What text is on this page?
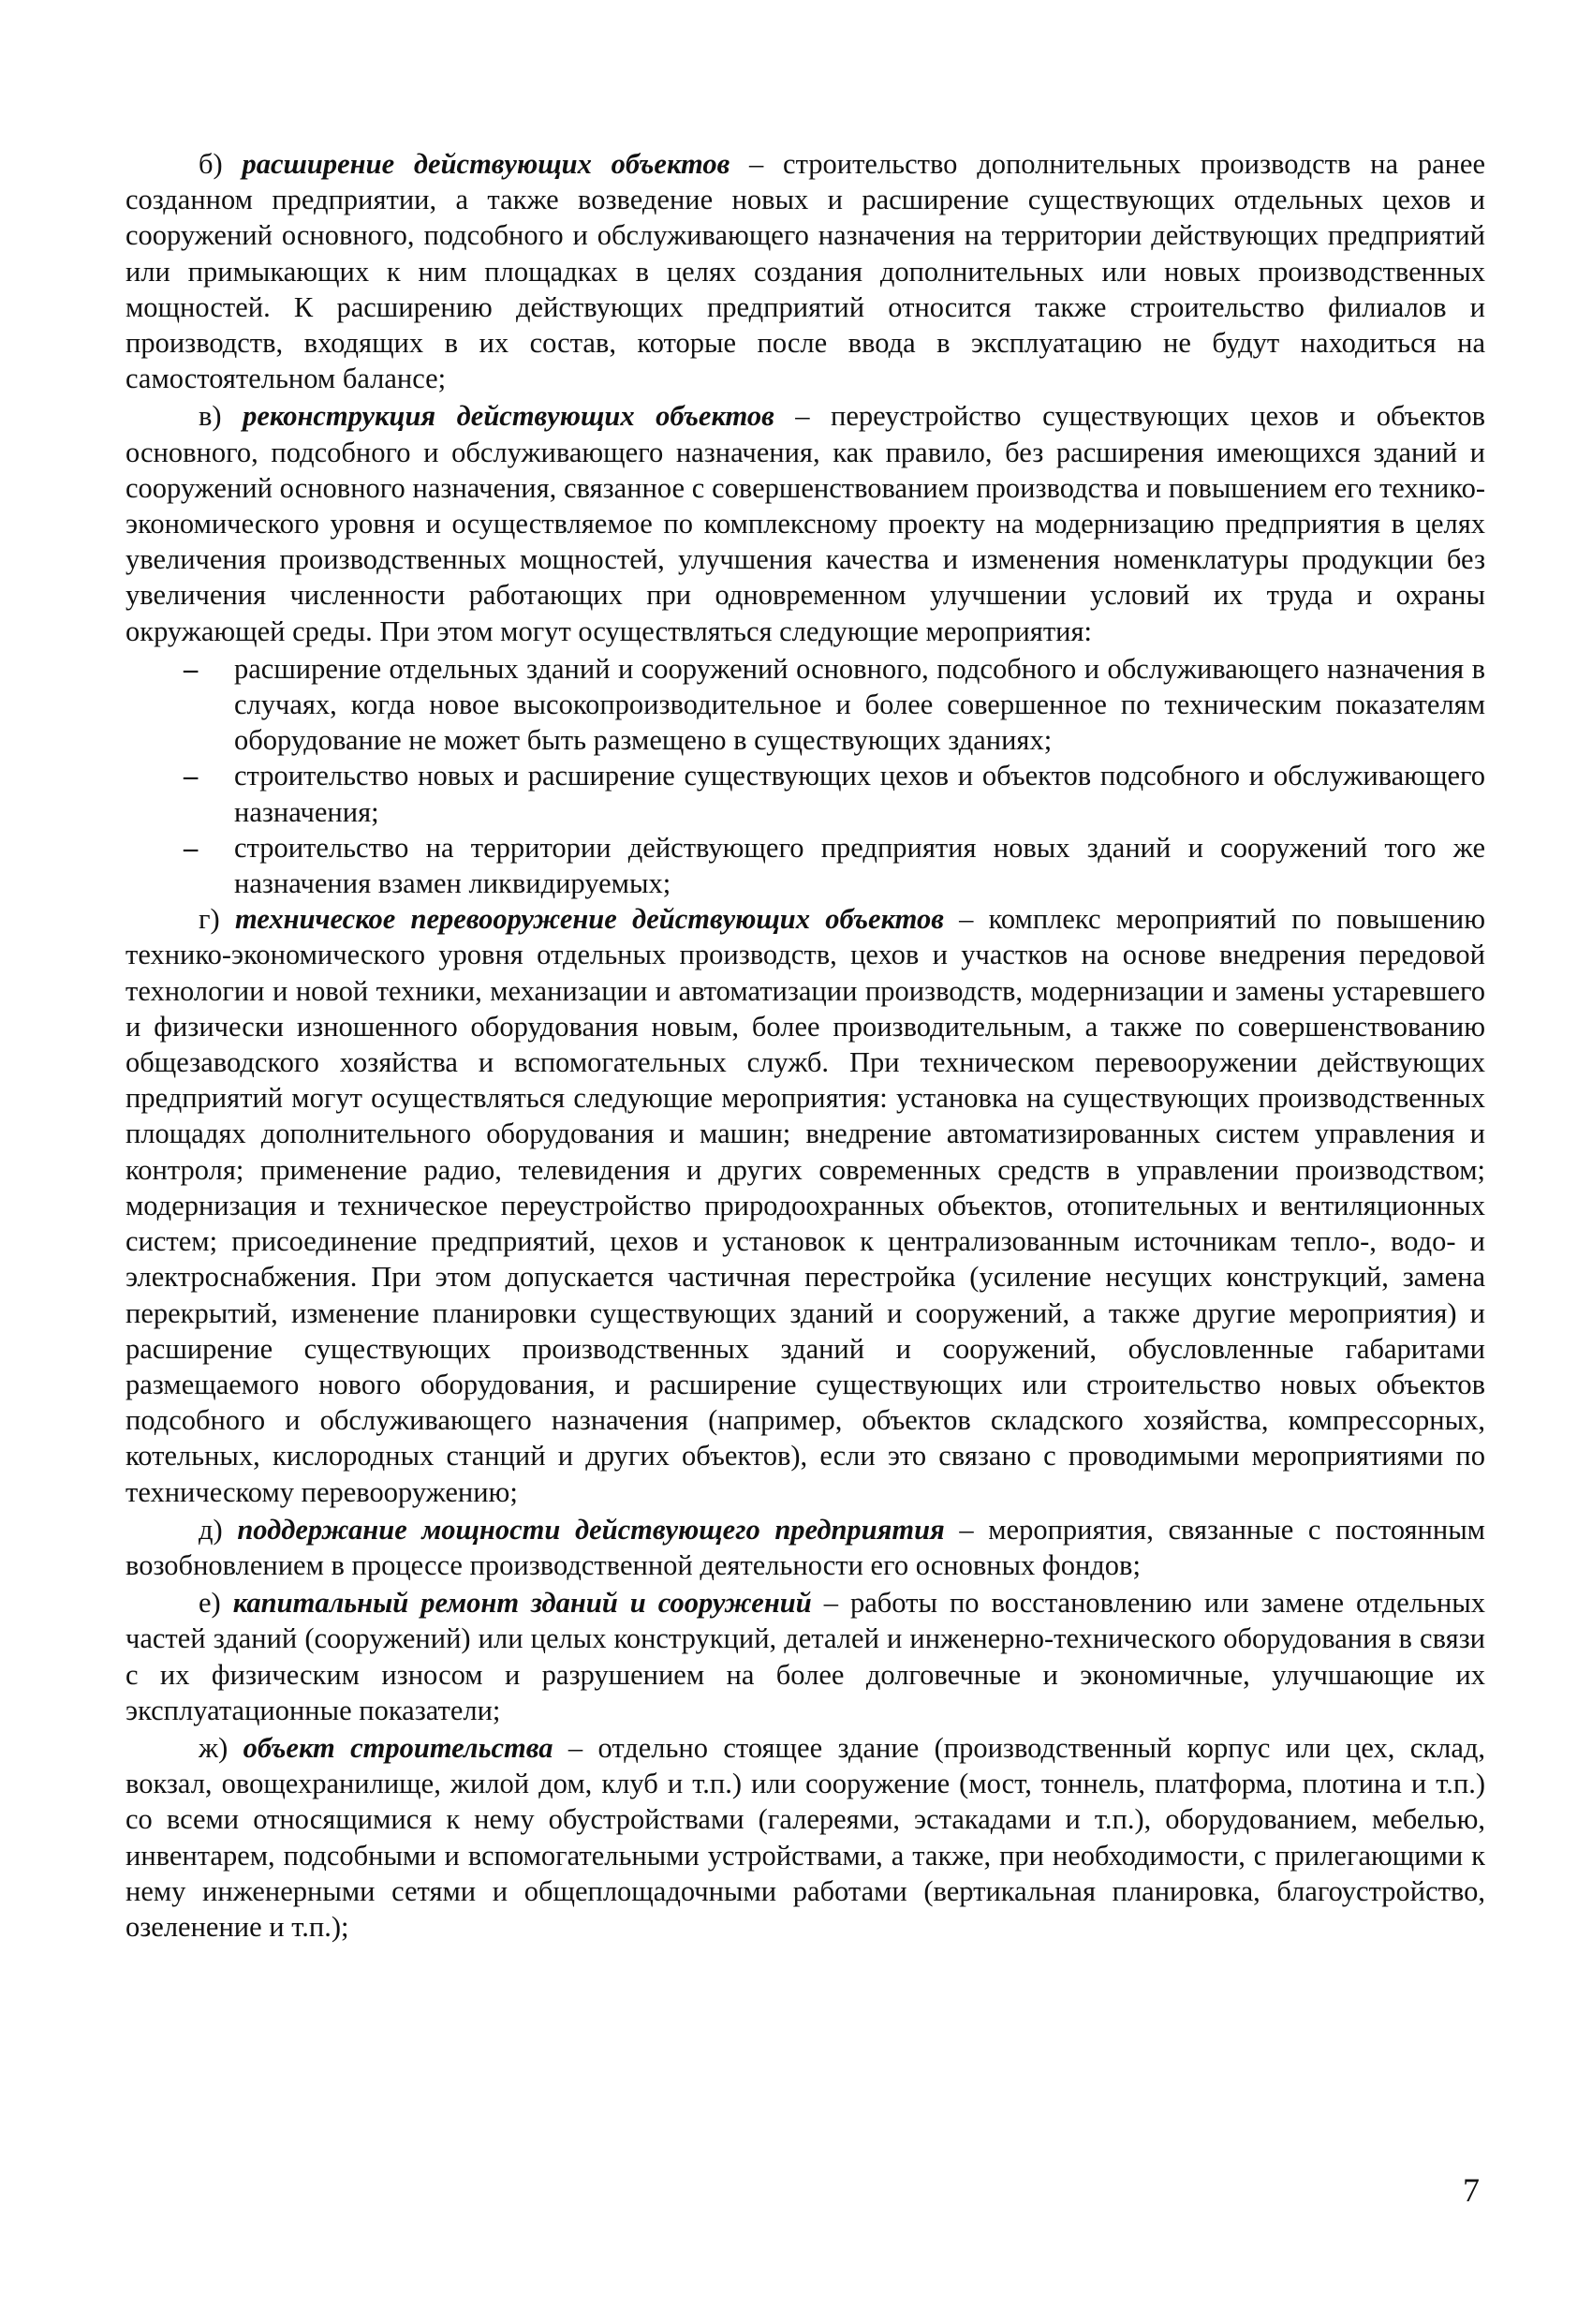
б) расширение действующих объектов – строительство дополнительных производств на ранее созданном предприятии, а также возведение новых и расширение существующих отдельных цехов и сооружений основного, подсобного и обслуживающего назначения на территории действующих предприятий или примыкающих к ним площадках в целях создания дополнительных или новых производственных мощностей. К расширению действующих предприятий относится также строительство филиалов и производств, входящих в их состав, которые после ввода в эксплуатацию не будут находиться на самостоятельном балансе;

в) реконструкция действующих объектов – переустройство существующих цехов и объектов основного, подсобного и обслуживающего назначения, как правило, без расширения имеющихся зданий и сооружений основного назначения, связанное с совершенствованием производства и повышением его технико-экономического уровня и осуществляемое по комплексному проекту на модернизацию предприятия в целях увеличения производственных мощностей, улучшения качества и изменения номенклатуры продукции без увеличения численности работающих при одновременном улучшении условий их труда и охраны окружающей среды. При этом могут осуществляться следующие мероприятия:

– расширение отдельных зданий и сооружений основного, подсобного и обслуживающего назначения в случаях, когда новое высокопроизводительное и более совершенное по техническим показателям оборудование не может быть размещено в существующих зданиях;
– строительство новых и расширение существующих цехов и объектов подсобного и обслуживающего назначения;
– строительство на территории действующего предприятия новых зданий и сооружений того же назначения взамен ликвидируемых;

г) техническое перевооружение действующих объектов – комплекс мероприятий по повышению технико-экономического уровня отдельных производств, цехов и участков на основе внедрения передовой технологии и новой техники, механизации и автоматизации производств, модернизации и замены устаревшего и физически изношенного оборудования новым, более производительным, а также по совершенствованию общезаводского хозяйства и вспомогательных служб. При техническом перевооружении действующих предприятий могут осуществляться следующие мероприятия: установка на существующих производственных площадях дополнительного оборудования и машин; внедрение автоматизированных систем управления и контроля; применение радио, телевидения и других современных средств в управлении производством; модернизация и техническое переустройство природоохранных объектов, отопительных и вентиляционных систем; присоединение предприятий, цехов и установок к централизованным источникам тепло-, водо- и электроснабжения. При этом допускается частичная перестройка (усиление несущих конструкций, замена перекрытий, изменение планировки существующих зданий и сооружений, а также другие мероприятия) и расширение существующих производственных зданий и сооружений, обусловленные габаритами размещаемого нового оборудования, и расширение существующих или строительство новых объектов подсобного и обслуживающего назначения (например, объектов складского хозяйства, компрессорных, котельных, кислородных станций и других объектов), если это связано с проводимыми мероприятиями по техническому перевооружению;

д) поддержание мощности действующего предприятия – мероприятия, связанные с постоянным возобновлением в процессе производственной деятельности его основных фондов;

е) капитальный ремонт зданий и сооружений – работы по восстановлению или замене отдельных частей зданий (сооружений) или целых конструкций, деталей и инженерно-технического оборудования в связи с их физическим износом и разрушением на более долговечные и экономичные, улучшающие их эксплуатационные показатели;

ж) объект строительства – отдельно стоящее здание (производственный корпус или цех, склад, вокзал, овощехранилище, жилой дом, клуб и т.п.) или сооружение (мост, тоннель, платформа, плотина и т.п.) со всеми относящимися к нему обустройствами (галереями, эстакадами и т.п.), оборудованием, мебелью, инвентарем, подсобными и вспомогательными устройствами, а также, при необходимости, с прилегающими к нему инженерными сетями и общеплощадочными работами (вертикальная планировка, благоустройство, озеленение и т.п.);

7
